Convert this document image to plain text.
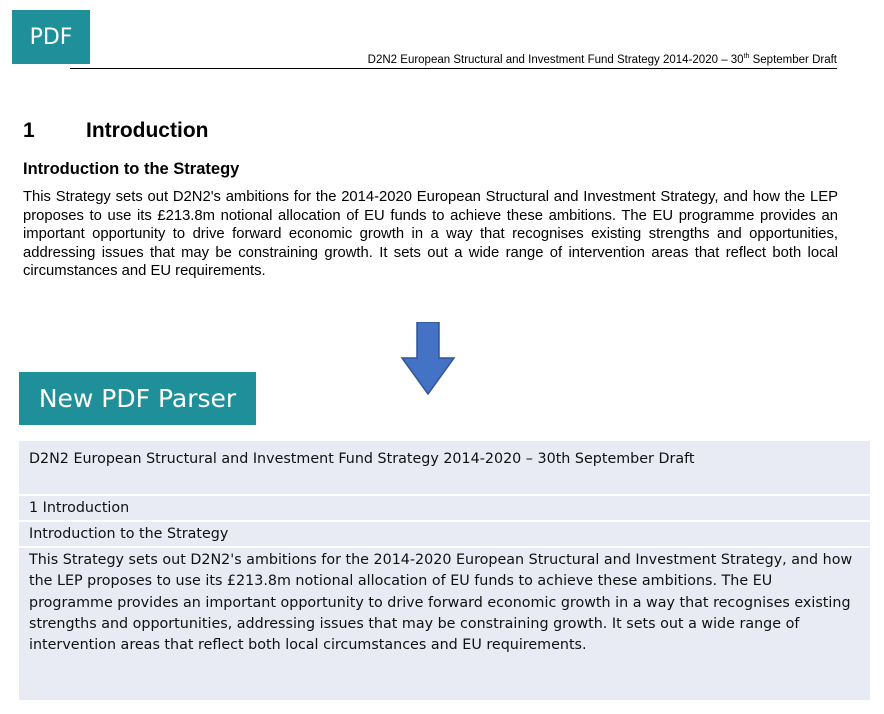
PDF
D2N2 European Structural and Investment Fund Strategy 2014-2020 – 30th September Draft
1 Introduction
Introduction to the Strategy
This Strategy sets out D2N2's ambitions for the 2014-2020 European Structural and Investment Strategy, and how the LEP proposes to use its £213.8m notional allocation of EU funds to achieve these ambitions. The EU programme provides an important opportunity to drive forward economic growth in a way that recognises existing strengths and opportunities, addressing issues that may be constraining growth. It sets out a wide range of intervention areas that reflect both local circumstances and EU requirements.
New PDF Parser
D2N2 European Structural and Investment Fund Strategy 2014-2020 – 30th September Draft
1 Introduction
Introduction to the Strategy
This Strategy sets out D2N2's ambitions for the 2014-2020 European Structural and Investment Strategy, and how the LEP proposes to use its £213.8m notional allocation of EU funds to achieve these ambitions. The EU programme provides an important opportunity to drive forward economic growth in a way that recognises existing strengths and opportunities, addressing issues that may be constraining growth. It sets out a wide range of intervention areas that reflect both local circumstances and EU requirements.
